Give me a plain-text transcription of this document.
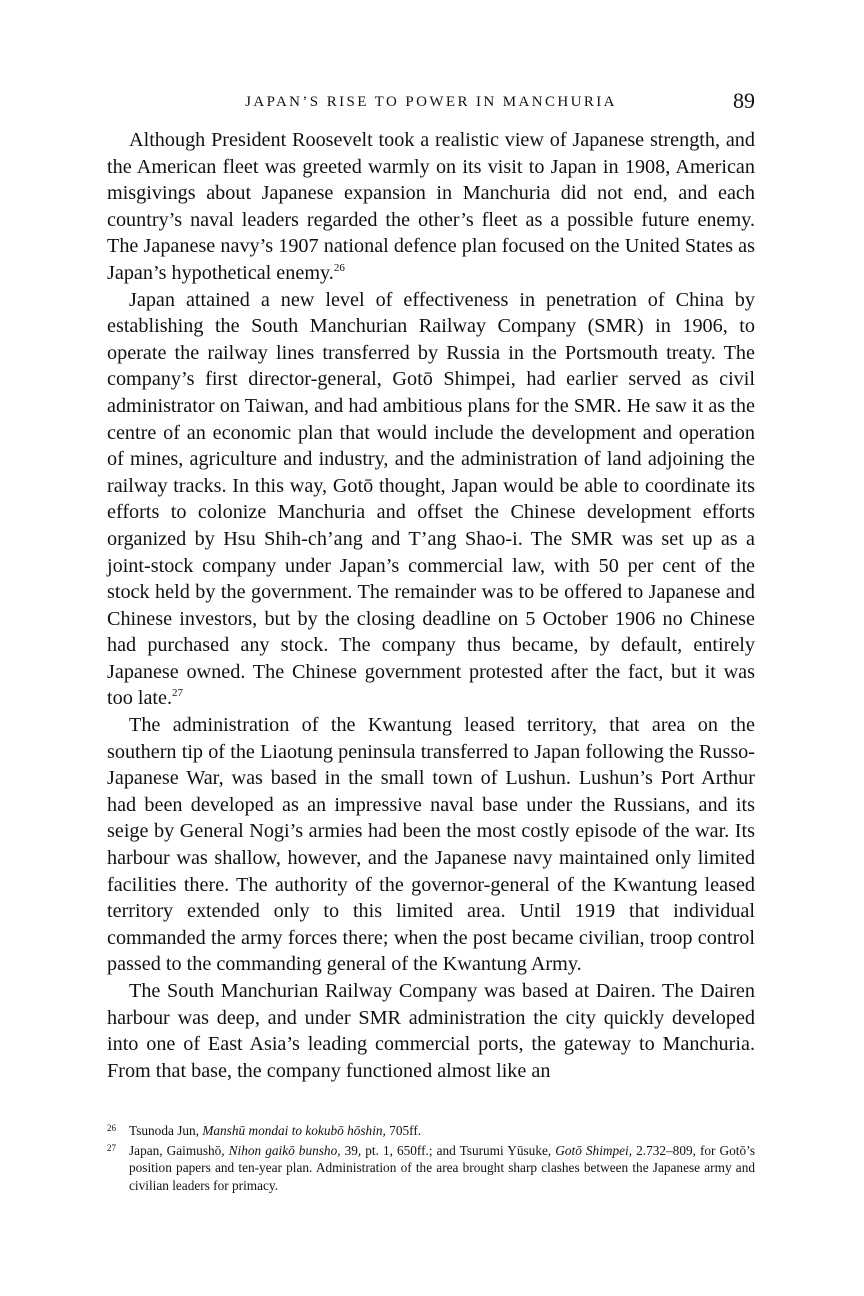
JAPAN’S RISE TO POWER IN MANCHURIA	89

Although President Roosevelt took a realistic view of Japanese strength, and the American fleet was greeted warmly on its visit to Japan in 1908, American misgivings about Japanese expansion in Manchuria did not end, and each country’s naval leaders regarded the other’s fleet as a possible future enemy. The Japanese navy’s 1907 national defence plan focused on the United States as Japan’s hypothetical enemy.$^{26}$

Japan attained a new level of effectiveness in penetration of China by establishing the South Manchurian Railway Company (SMR) in 1906, to operate the railway lines transferred by Russia in the Portsmouth treaty. The company’s first director-general, Gotō Shimpei, had earlier served as civil administrator on Taiwan, and had ambitious plans for the SMR. He saw it as the centre of an economic plan that would include the development and operation of mines, agriculture and industry, and the administration of land adjoining the railway tracks. In this way, Gotō thought, Japan would be able to coordinate its efforts to colonize Manchuria and offset the Chinese development efforts organized by Hsu Shih-ch’ang and T’ang Shao-i. The SMR was set up as a joint-stock company under Japan’s commercial law, with 50 per cent of the stock held by the government. The remainder was to be offered to Japanese and Chinese investors, but by the closing deadline on 5 October 1906 no Chinese had purchased any stock. The company thus became, by default, entirely Japanese owned. The Chinese government protested after the fact, but it was too late.$^{27}$

The administration of the Kwantung leased territory, that area on the southern tip of the Liaotung peninsula transferred to Japan following the Russo-Japanese War, was based in the small town of Lushun. Lushun’s Port Arthur had been developed as an impressive naval base under the Russians, and its seige by General Nogi’s armies had been the most costly episode of the war. Its harbour was shallow, however, and the Japanese navy maintained only limited facilities there. The authority of the governor-general of the Kwantung leased territory extended only to this limited area. Until 1919 that individual commanded the army forces there; when the post became civilian, troop control passed to the commanding general of the Kwantung Army.

The South Manchurian Railway Company was based at Dairen. The Dairen harbour was deep, and under SMR administration the city quickly developed into one of East Asia’s leading commercial ports, the gateway to Manchuria. From that base, the company functioned almost like an

26 Tsunoda Jun, Manshū mondai to kokubō hōshin, 705ff.

27 Japan, Gaimushō, Nihon gaikō bunsho, 39, pt. 1, 650ff.; and Tsurumi Yūsuke, Gotō Shimpei, 2.732–809, for Gotō’s position papers and ten-year plan. Administration of the area brought sharp clashes between the Japanese army and civilian leaders for primacy.
